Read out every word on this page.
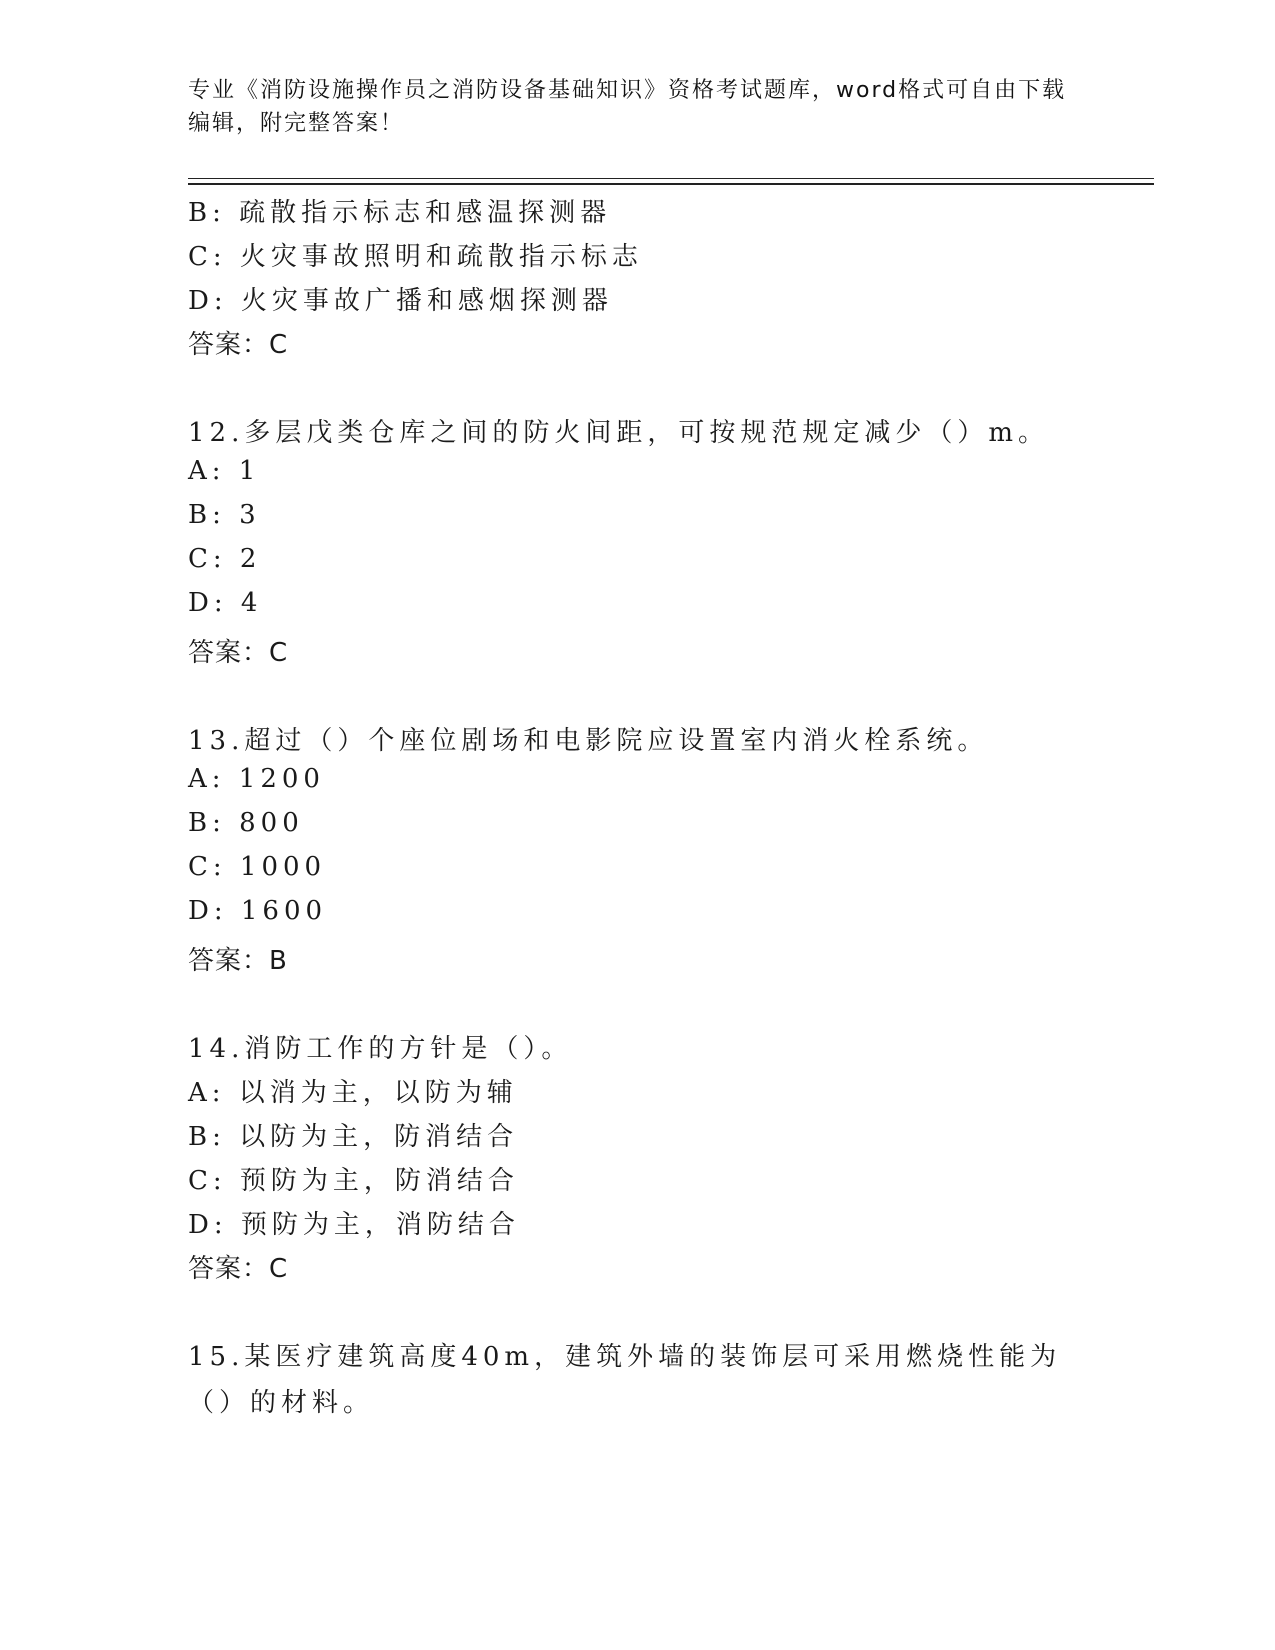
专业《消防设施操作员之消防设备基础知识》资格考试题库，word格式可自由下载编辑，附完整答案！
B: 疏散指示标志和感温探测器
C: 火灾事故照明和疏散指示标志
D: 火灾事故广播和感烟探测器
答案：C
12.多层戊类仓库之间的防火间距，可按规范规定减少（）m。
A: 1
B: 3
C: 2
D: 4
答案：C
13.超过（）个座位剧场和电影院应设置室内消火栓系统。
A: 1200
B: 800
C: 1000
D: 1600
答案：B
14.消防工作的方针是（）。
A: 以消为主，以防为辅
B: 以防为主，防消结合
C: 预防为主，防消结合
D: 预防为主，消防结合
答案：C
15.某医疗建筑高度40m，建筑外墙的装饰层可采用燃烧性能为（）的材料。
